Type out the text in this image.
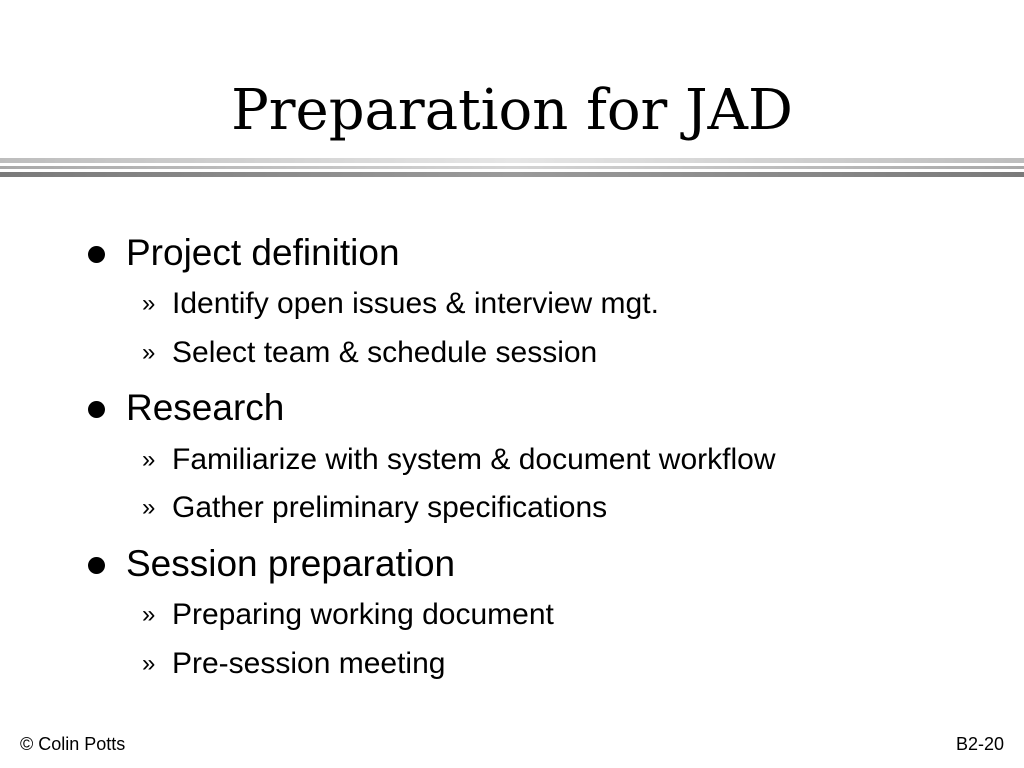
Preparation for JAD
Project definition
» Identify open issues & interview mgt.
» Select team & schedule session
Research
» Familiarize with system & document workflow
» Gather preliminary specifications
Session preparation
» Preparing working document
» Pre-session meeting
© Colin Potts	B2-20
